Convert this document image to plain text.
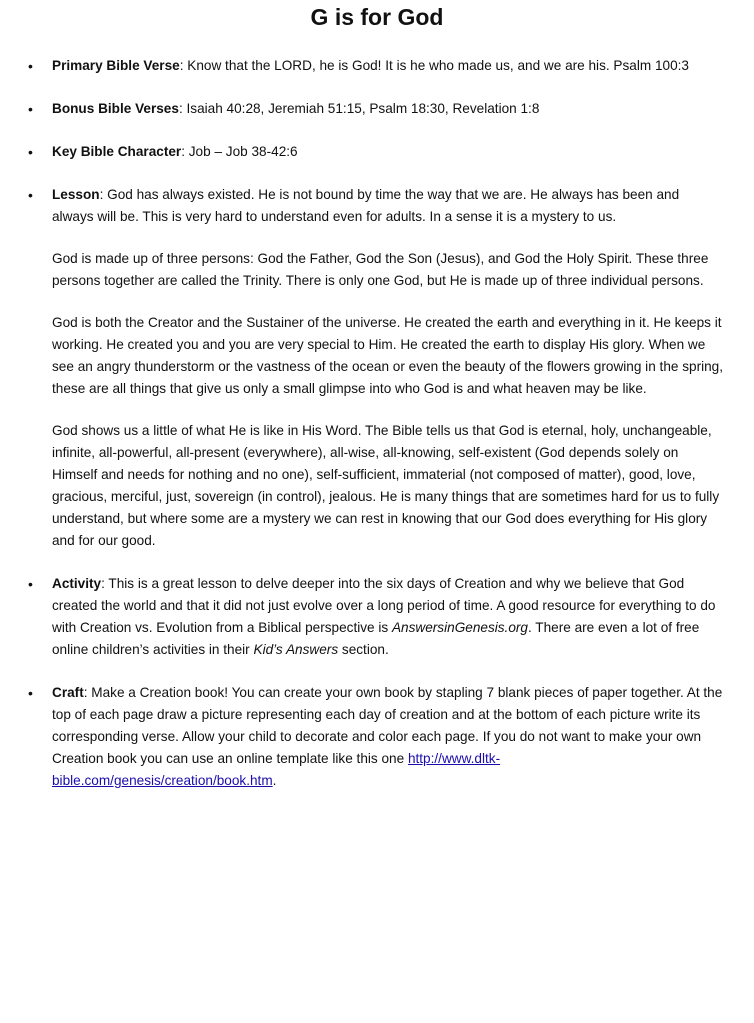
G is for God
• Primary Bible Verse: Know that the LORD, he is God! It is he who made us, and we are his. Psalm 100:3
• Bonus Bible Verses: Isaiah 40:28, Jeremiah 51:15, Psalm 18:30, Revelation 1:8
• Key Bible Character: Job – Job 38-42:6
• Lesson: God has always existed. He is not bound by time the way that we are. He always has been and always will be. This is very hard to understand even for adults. In a sense it is a mystery to us.

God is made up of three persons: God the Father, God the Son (Jesus), and God the Holy Spirit. These three persons together are called the Trinity. There is only one God, but He is made up of three individual persons.

God is both the Creator and the Sustainer of the universe. He created the earth and everything in it. He keeps it working. He created you and you are very special to Him. He created the earth to display His glory. When we see an angry thunderstorm or the vastness of the ocean or even the beauty of the flowers growing in the spring, these are all things that give us only a small glimpse into who God is and what heaven may be like.

God shows us a little of what He is like in His Word. The Bible tells us that God is eternal, holy, unchangeable, infinite, all-powerful, all-present (everywhere), all-wise, all-knowing, self-existent (God depends solely on Himself and needs for nothing and no one), self-sufficient, immaterial (not composed of matter), good, love, gracious, merciful, just, sovereign (in control), jealous. He is many things that are sometimes hard for us to fully understand, but where some are a mystery we can rest in knowing that our God does everything for His glory and for our good.

• Activity: This is a great lesson to delve deeper into the six days of Creation and why we believe that God created the world and that it did not just evolve over a long period of time. A good resource for everything to do with Creation vs. Evolution from a Biblical perspective is AnswersinGenesis.org. There are even a lot of free online children’s activities in their Kid’s Answers section.
• Craft: Make a Creation book! You can create your own book by stapling 7 blank pieces of paper together. At the top of each page draw a picture representing each day of creation and at the bottom of each picture write its corresponding verse. Allow your child to decorate and color each page. If you do not want to make your own Creation book you can use an online template like this one http://www.dltk-bible.com/genesis/creation/book.htm.
